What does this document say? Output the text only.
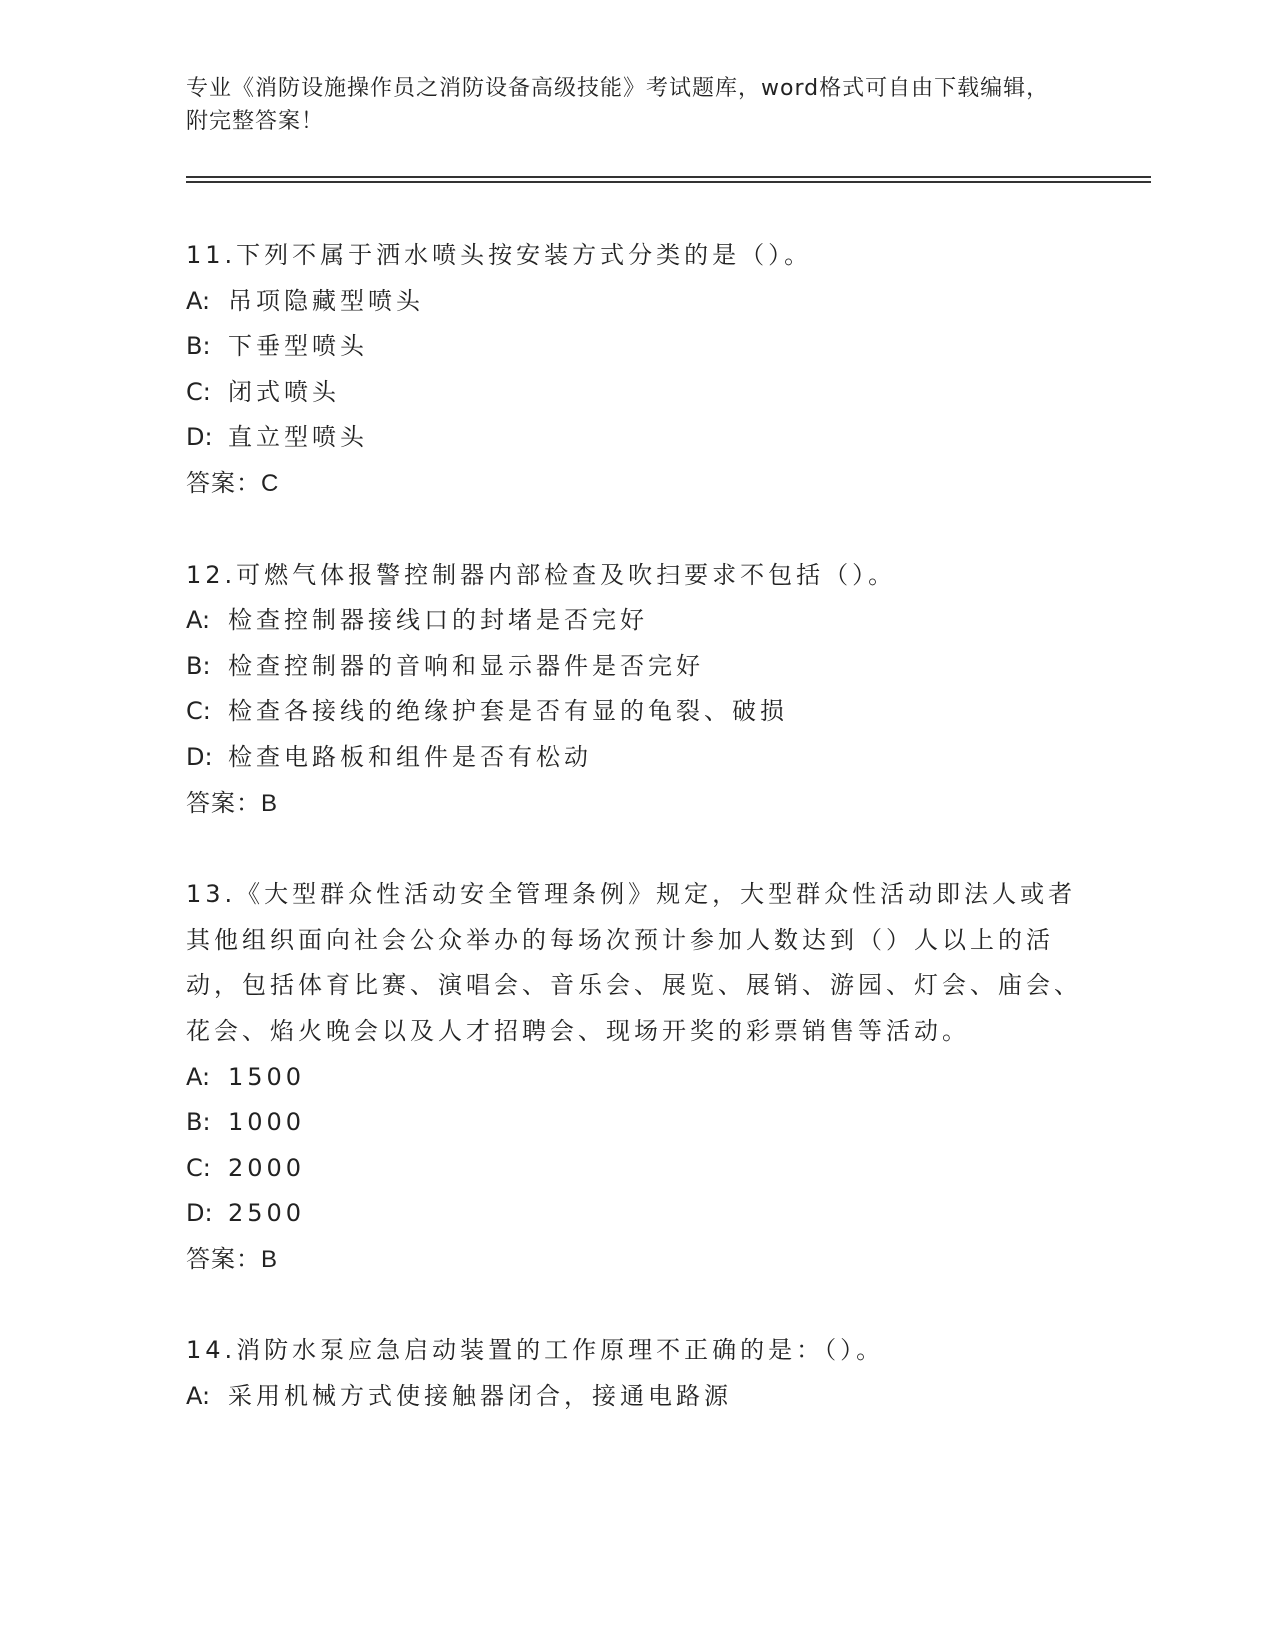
专业《消防设施操作员之消防设备高级技能》考试题库，word格式可自由下载编辑，附完整答案！

11.下列不属于洒水喷头按安装方式分类的是（）。

A: 吊项隐藏型喷头

B: 下垂型喷头

C: 闭式喷头

D: 直立型喷头

答案：C

12.可燃气体报警控制器内部检查及吹扫要求不包括（）。

A: 检查控制器接线口的封堵是否完好

B: 检查控制器的音响和显示器件是否完好

C: 检查各接线的绝缘护套是否有显的龟裂、破损

D: 检查电路板和组件是否有松动

答案：B

13.《大型群众性活动安全管理条例》规定，大型群众性活动即法人或者其他组织面向社会公众举办的每场次预计参加人数达到（）人以上的活动，包括体育比赛、演唱会、音乐会、展览、展销、游园、灯会、庙会、花会、焰火晚会以及人才招聘会、现场开奖的彩票销售等活动。

A: 1500

B: 1000

C: 2000

D: 2500

答案：B

14.消防水泵应急启动装置的工作原理不正确的是：（）。

A: 采用机械方式使接触器闭合，接通电路源
